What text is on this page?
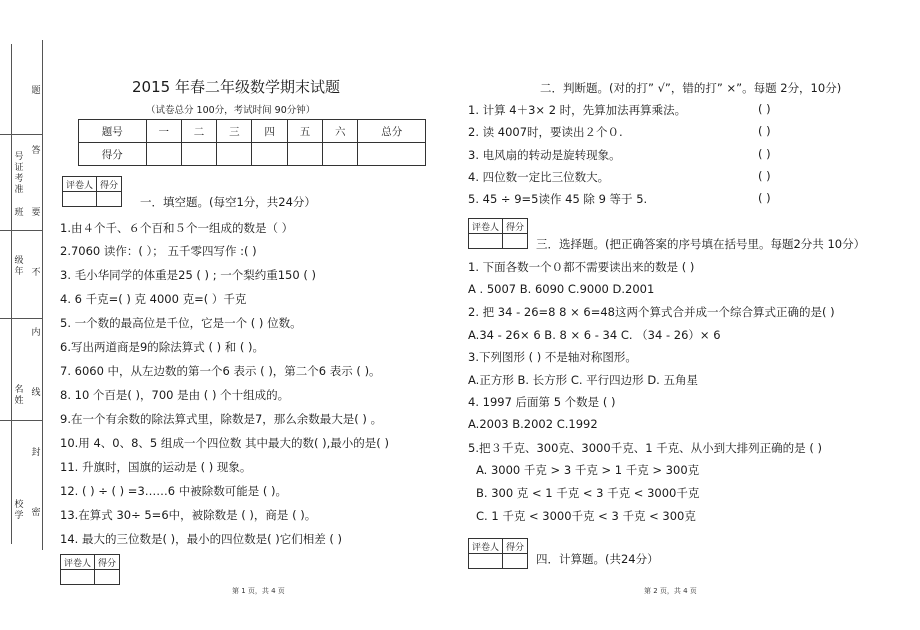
号
证
考
准
班
级
年
名
姓
校
学
题
答
要
不
内
线
封
密
2015 年春二年级数学期末试题
（试卷总分 100分，考试时间 90分钟）
题号	一	二	三	四	五	六	总分
得分							
评卷人	得分

一．填空题。(每空1分，共24分）
1.由４个千、６个百和５个一组成的数是（ ）
2.7060 读作：( ）； 五千零四写作 :( )
3. 毛小华同学的体重是25 ( ) ; 一个梨约重150 ( )
4. 6 千克=( ) 克 4000 克=( ）千克
5. 一个数的最高位是千位，它是一个 ( ) 位数。
6.写出两道商是9的除法算式 ( ) 和 ( )。
7. 6060 中，从左边数的第一个6 表示 ( )，第二个6 表示 ( )。
8. 10 个百是( )，700 是由 ( ) 个十组成的。
9.在一个有余数的除法算式里，除数是7，那么余数最大是( ) 。
10.用 4、0、8、5 组成一个四位数 其中最大的数( ),最小的是( )
11. 升旗时，国旗的运动是 ( ) 现象。
12. ( ) ÷ ( ) =3……6 中被除数可能是 ( )。
13.在算式 30÷ 5=6中，被除数是 ( )，商是 ( )。
14. 最大的三位数是( )，最小的四位数是( )它们相差 ( )
评卷人	得分

第 1 页，共 4 页
二．判断题。(对的打” √”，错的打” ×”。每题 2分，10分)
1. 计算 4＋3× 2 时，先算加法再算乘法。	( )
2. 读 4007时，要读出２个０.	( )
3. 电风扇的转动是旋转现象。	( )
4. 四位数一定比三位数大。	( )
5. 45 ÷ 9=5读作 45 除 9 等于 5.	( )
评卷人	得分

三．选择题。(把正确答案的序号填在括号里。每题2分共 10分）
1. 下面各数一个０都不需要读出来的数是 ( )
A . 5007 B. 6090 C.9000 D.2001
2. 把 34 - 26=8 8 × 6=48这两个算式合并成一个综合算式正确的是( )
A.34 - 26× 6 B. 8 × 6 - 34 C. （34 - 26）× 6
3.下列图形 ( ) 不是轴对称图形。
A.正方形 B. 长方形 C. 平行四边形 D. 五角星
4. 1997 后面第 5 个数是 ( )
A.2003 B.2002 C.1992
5.把３千克、300克、3000千克、1 千克、从小到大排列正确的是 ( )
A. 3000 千克 > 3 千克 > 1 千克 > 300克
B. 300 克 < 1 千克 < 3 千克 < 3000千克
C. 1 千克 < 3000千克 < 3 千克 < 300克
评卷人	得分

四．计算题。(共24分）
第 2 页，共 4 页
